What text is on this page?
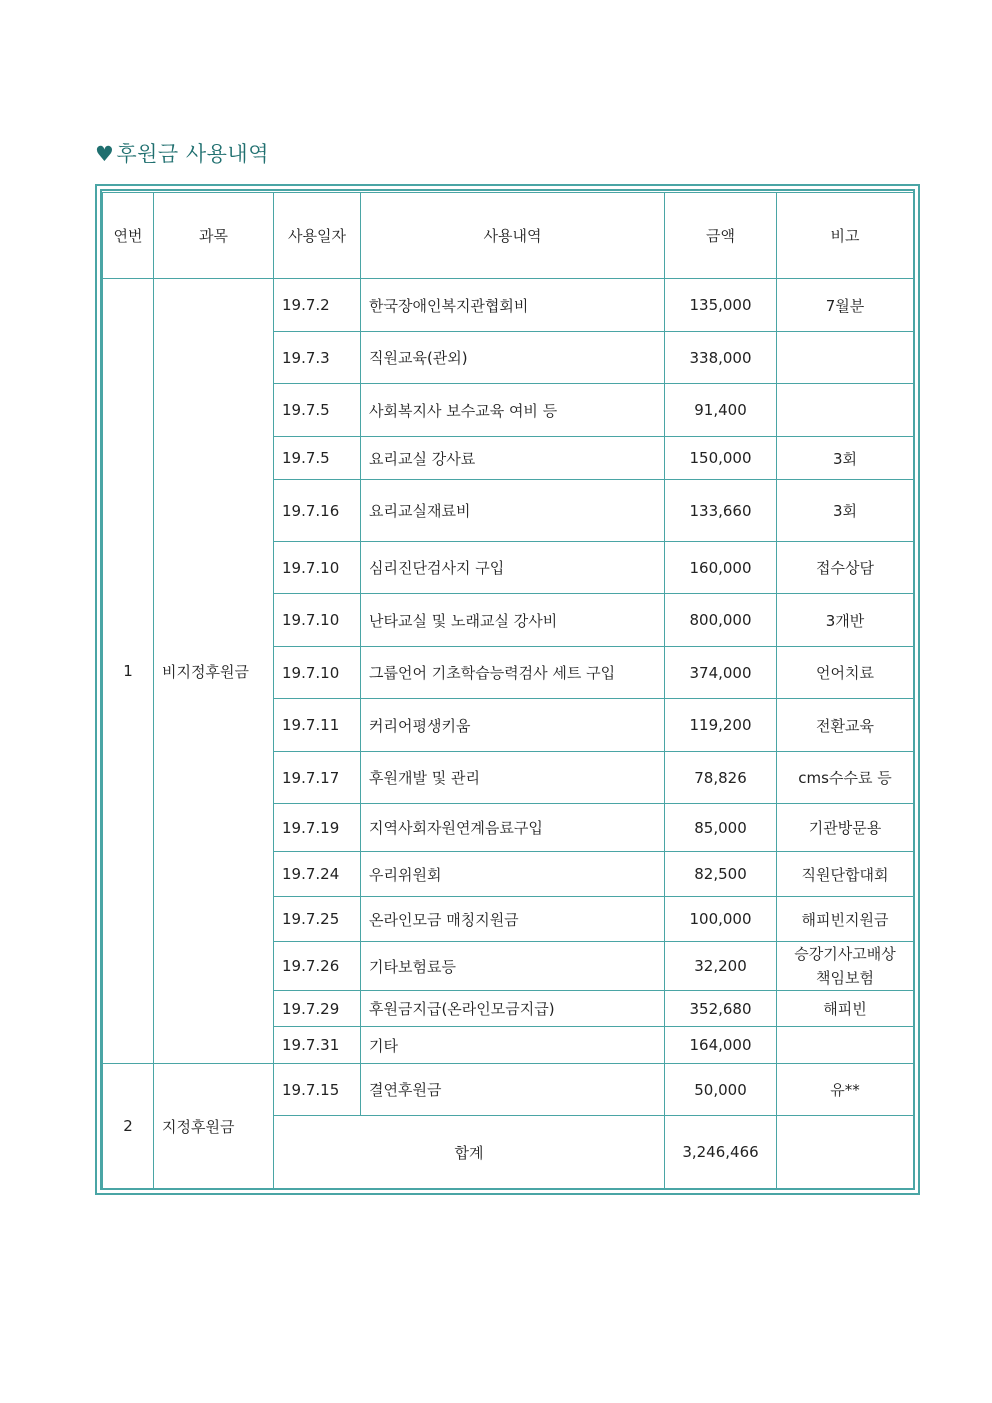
♥후원금 사용내역
연번	과목	사용일자	사용내역	금액	비고
1	비지정후원금	19.7.2	한국장애인복지관협회비	135,000	7월분
		19.7.3	직원교육(관외)	338,000	
		19.7.5	사회복지사 보수교육 여비 등	91,400	
		19.7.5	요리교실 강사료	150,000	3회
		19.7.16	요리교실재료비	133,660	3회
		19.7.10	심리진단검사지 구입	160,000	접수상담
		19.7.10	난타교실 및 노래교실 강사비	800,000	3개반
		19.7.10	그룹언어 기초학습능력검사 세트 구입	374,000	언어치료
		19.7.11	커리어평생키움	119,200	전환교육
		19.7.17	후원개발 및 관리	78,826	cms수수료 등
		19.7.19	지역사회자원연계음료구입	85,000	기관방문용
		19.7.24	우리위원회	82,500	직원단합대회
		19.7.25	온라인모금 매칭지원금	100,000	해피빈지원금
		19.7.26	기타보험료등	32,200	승강기사고배상
책임보험
		19.7.29	후원금지급(온라인모금지급)	352,680	해피빈
		19.7.31	기타	164,000	
2	지정후원금	19.7.15	결연후원금	50,000	유**
		합계		3,246,466	
